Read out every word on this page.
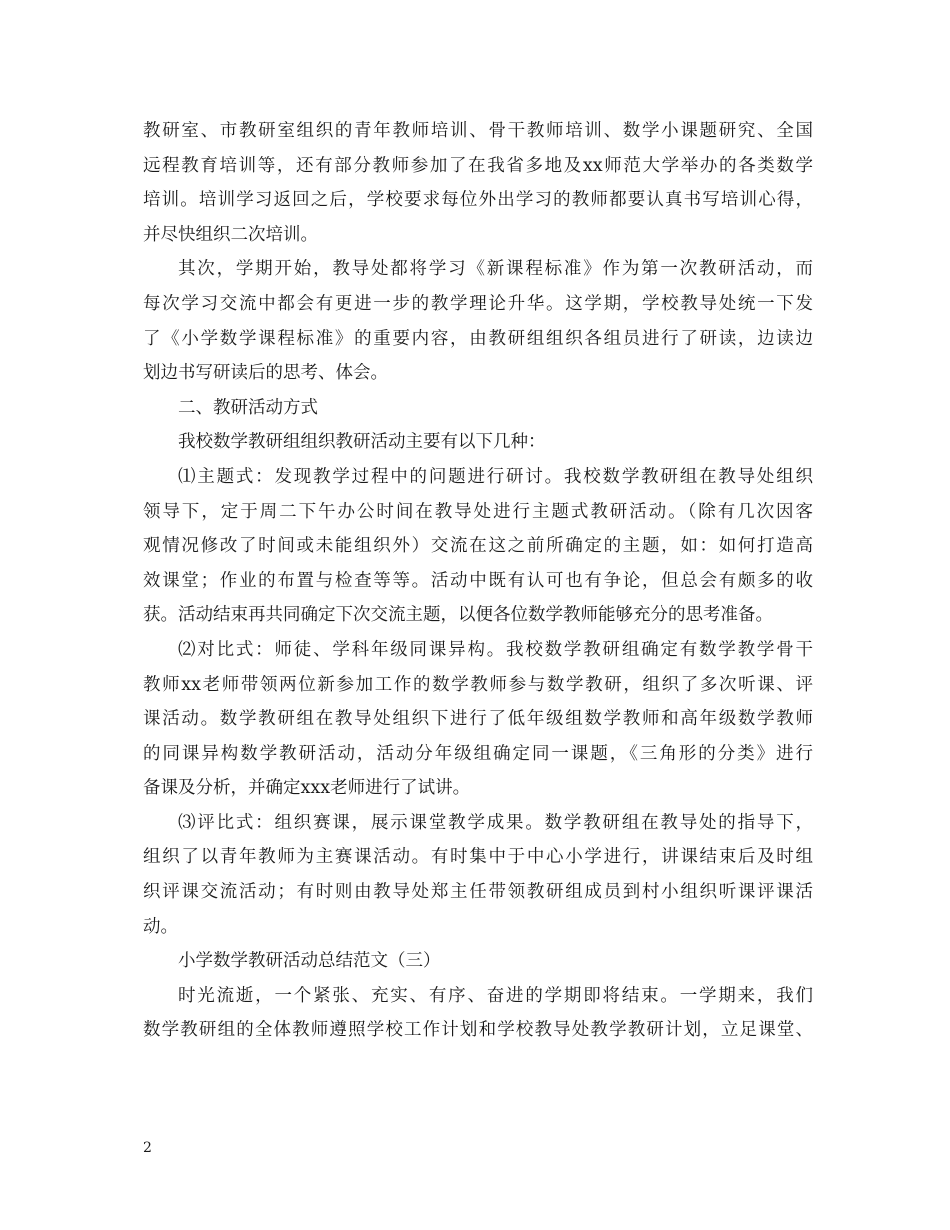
教研室、市教研室组织的青年教师培训、骨干教师培训、数学小课题研究、全国
远程教育培训等，还有部分教师参加了在我省多地及xx师范大学举办的各类数学
培训。培训学习返回之后，学校要求每位外出学习的教师都要认真书写培训心得，
并尽快组织二次培训。
其次，学期开始，教导处都将学习《新课程标准》作为第一次教研活动，而
每次学习交流中都会有更进一步的教学理论升华。这学期，学校教导处统一下发
了《小学数学课程标准》的重要内容，由教研组组织各组员进行了研读，边读边
划边书写研读后的思考、体会。
二、教研活动方式
我校数学教研组组织教研活动主要有以下几种：
⑴主题式：发现教学过程中的问题进行研讨。我校数学教研组在教导处组织
领导下，定于周二下午办公时间在教导处进行主题式教研活动。（除有几次因客
观情况修改了时间或未能组织外）交流在这之前所确定的主题，如：如何打造高
效课堂；作业的布置与检查等等。活动中既有认可也有争论，但总会有颇多的收
获。活动结束再共同确定下次交流主题，以便各位数学教师能够充分的思考准备。
⑵对比式：师徒、学科年级同课异构。我校数学教研组确定有数学教学骨干
教师xx老师带领两位新参加工作的数学教师参与数学教研，组织了多次听课、评
课活动。数学教研组在教导处组织下进行了低年级组数学教师和高年级数学教师
的同课异构数学教研活动，活动分年级组确定同一课题，《三角形的分类》进行
备课及分析，并确定xxx老师进行了试讲。
⑶评比式：组织赛课，展示课堂教学成果。数学教研组在教导处的指导下，
组织了以青年教师为主赛课活动。有时集中于中心小学进行，讲课结束后及时组
织评课交流活动；有时则由教导处郑主任带领教研组成员到村小组织听课评课活
动。
小学数学教研活动总结范文（三）
时光流逝，一个紧张、充实、有序、奋进的学期即将结束。一学期来，我们
数学教研组的全体教师遵照学校工作计划和学校教导处教学教研计划，立足课堂、
2
